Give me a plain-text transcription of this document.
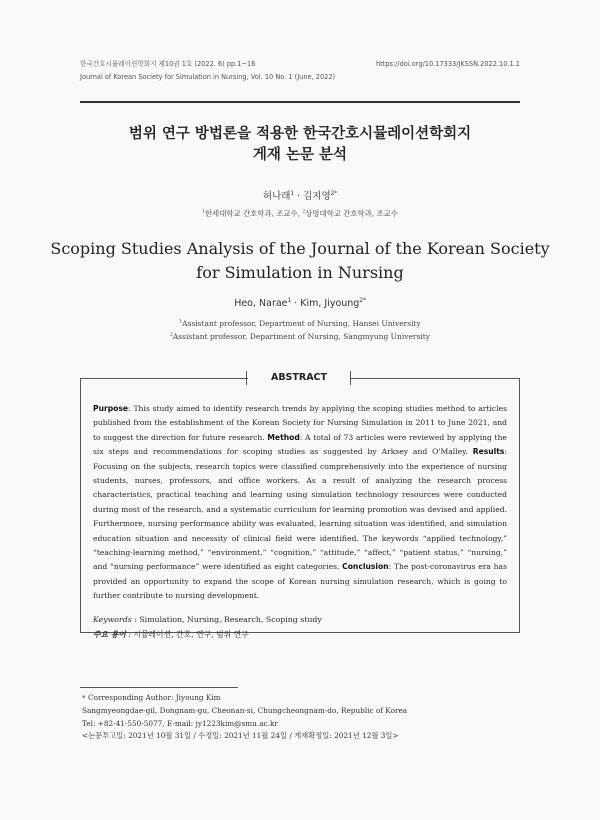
한국간호시뮬레이션학회지 제10권 1호 (2022. 6) pp.1~16
Journal of Korean Society for Simulation in Nursing, Vol. 10 No. 1 (June, 2022)
https://doi.org/10.17333/JKSSN.2022.10.1.1
범위 연구 방법론을 적용한 한국간호시뮬레이션학회지
게재 논문 분석
허나래$^1$ · 김지영$^{2*}$
$^1$한세대학교 간호학과, 조교수, $^2$상명대학교 간호학과, 조교수
Scoping Studies Analysis of the Journal of the Korean Society
for Simulation in Nursing
Heo, Narae$^1$ · Kim, Jiyoung$^{2*}$
$^1$Assistant professor, Department of Nursing, Hansei University
$^2$Assistant professor, Department of Nursing, Sangmyung University
ABSTRACT
Purpose: This study aimed to identify research trends by applying the scoping studies method to articles published from the establishment of the Korean Society for Nursing Simulation in 2011 to June 2021, and to suggest the direction for future research. Method: A total of 73 articles were reviewed by applying the six steps and recommendations for scoping studies as suggested by Arksey and O'Malley. Results: Focusing on the subjects, research topics were classified comprehensively into the experience of nursing students, nurses, professors, and office workers. As a result of analyzing the research process characteristics, practical teaching and learning using simulation technology resources were conducted during most of the research, and a systematic curriculum for learning promotion was devised and applied. Furthermore, nursing performance ability was evaluated, learning situation was identified, and simulation education situation and necessity of clinical field were identified. The keywords “applied technology,” “teaching-learning method,” “environment,” “cognition,” “attitude,” “affect,” “patient status,” “nursing,” and “nursing performance” were identified as eight categories. Conclusion: The post-coronavirus era has provided an opportunity to expand the scope of Korean nursing simulation research, which is going to further contribute to nursing development.
Keywords : Simulation, Nursing, Research, Scoping study
주요 용어 : 시뮬레이션, 간호, 연구, 범위 연구
* Corresponding Author: Jiyoung Kim
Sangmyeongdae-gil, Dongnam-gu, Cheonan-si, Chungcheongnam-do, Republic of Korea
Tel: +82-41-550-5077, E-mail: jy1223kim@smu.ac.kr
<논문투고일: 2021년 10월 31일 / 수정일: 2021년 11월 24일 / 게재확정일: 2021년 12월 3일>
